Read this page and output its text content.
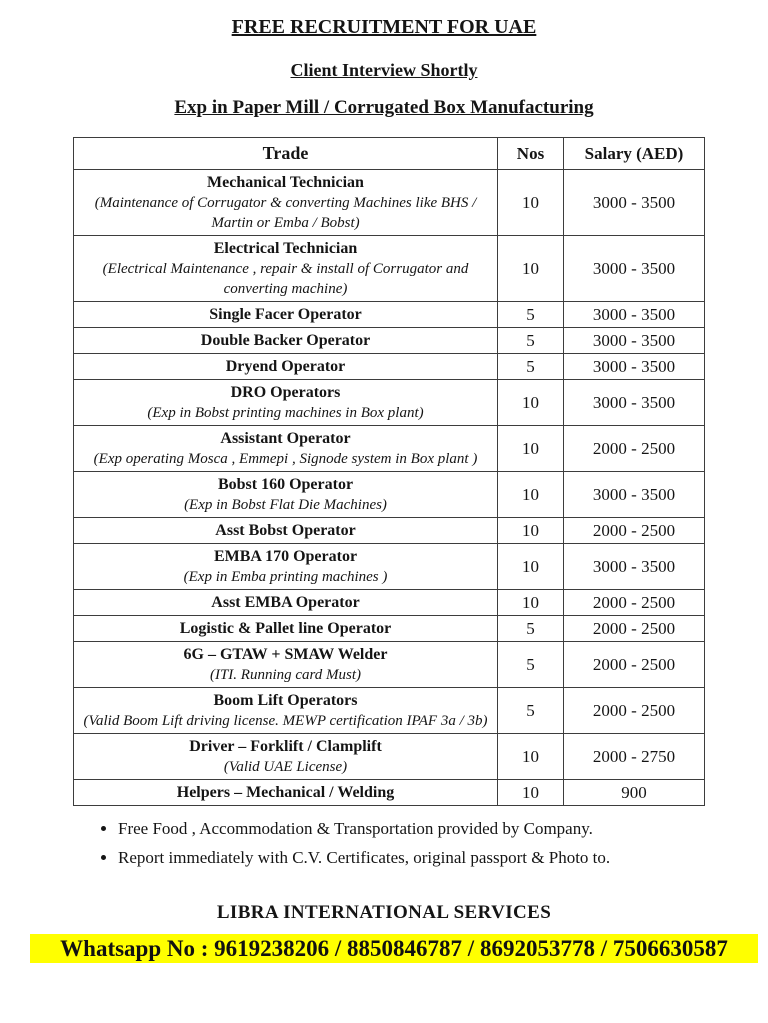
FREE RECRUITMENT FOR UAE
Client Interview Shortly
Exp in Paper Mill / Corrugated Box Manufacturing
Trade	Nos	Salary (AED)
Mechanical Technician
(Maintenance of Corrugator & converting Machines like BHS / Martin or Emba / Bobst)	10	3000 - 3500
Electrical Technician
(Electrical Maintenance , repair & install of Corrugator and converting machine)	10	3000 - 3500
Single Facer Operator	5	3000 - 3500
Double Backer Operator	5	3000 - 3500
Dryend Operator	5	3000 - 3500
DRO Operators
(Exp in Bobst printing machines in Box plant)	10	3000 - 3500
Assistant Operator
(Exp operating Mosca , Emmepi , Signode system in Box plant )	10	2000 - 2500
Bobst 160 Operator
(Exp in Bobst Flat Die Machines)	10	3000 - 3500
Asst Bobst Operator	10	2000 - 2500
EMBA 170 Operator
(Exp in Emba printing machines )	10	3000 - 3500
Asst EMBA Operator	10	2000 - 2500
Logistic & Pallet line Operator	5	2000 - 2500
6G – GTAW + SMAW Welder
(ITI. Running card Must)	5	2000 - 2500
Boom Lift Operators
(Valid Boom Lift driving license. MEWP certification IPAF 3a / 3b)	5	2000 - 2500
Driver – Forklift / Clamplift
(Valid UAE License)	10	2000 - 2750
Helpers – Mechanical / Welding	10	900
• Free Food , Accommodation & Transportation provided by Company.
• Report immediately with C.V. Certificates, original passport & Photo to.
LIBRA INTERNATIONAL SERVICES
Whatsapp No : 9619238206 / 8850846787 / 8692053778 / 7506630587
